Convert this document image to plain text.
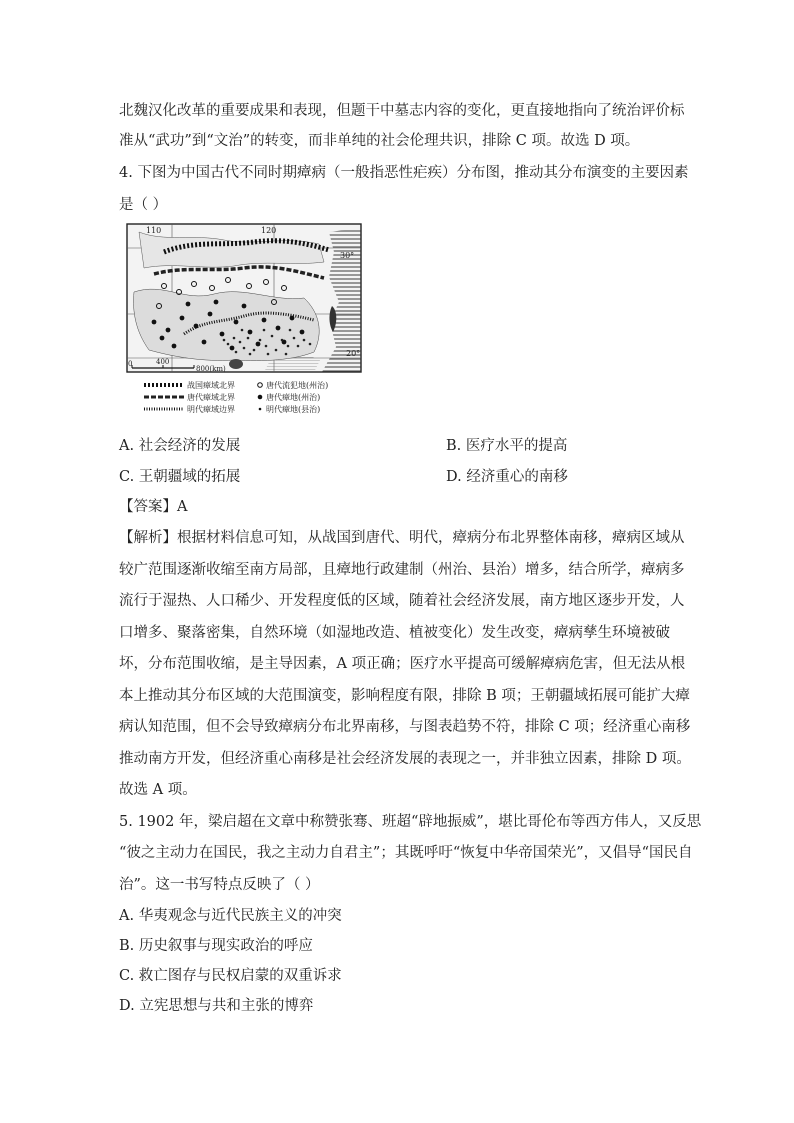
北魏汉化改革的重要成果和表现，但题干中墓志内容的变化，更直接地指向了统治评价标
准从“武功”到“文治”的转变，而非单纯的社会伦理共识，排除 C 项。故选 D 项。
4. 下图为中国古代不同时期瘴病（一般指恶性疟疾）分布图，推动其分布演变的主要因素
是（ ）
110	120
30°
20°
0	400
800(km)
战国瘴域北界
唐代瘴域北界
明代瘴域边界
唐代流犯地(州治)
唐代瘴地(州治)
明代瘴地(县治)
A. 社会经济的发展	B. 医疗水平的提高
C. 王朝疆域的拓展	D. 经济重心的南移
【答案】A
【解析】根据材料信息可知，从战国到唐代、明代，瘴病分布北界整体南移，瘴病区域从
较广范围逐渐收缩至南方局部，且瘴地行政建制（州治、县治）增多，结合所学，瘴病多
流行于湿热、人口稀少、开发程度低的区域，随着社会经济发展，南方地区逐步开发，人
口增多、聚落密集，自然环境（如湿地改造、植被变化）发生改变，瘴病孳生环境被破
坏，分布范围收缩，是主导因素，A 项正确；医疗水平提高可缓解瘴病危害，但无法从根
本上推动其分布区域的大范围演变，影响程度有限，排除 B 项；王朝疆域拓展可能扩大瘴
病认知范围，但不会导致瘴病分布北界南移，与图表趋势不符，排除 C 项；经济重心南移
推动南方开发，但经济重心南移是社会经济发展的表现之一，并非独立因素，排除 D 项。
故选 A 项。
5. 1902 年，梁启超在文章中称赞张骞、班超“辟地振威”，堪比哥伦布等西方伟人，又反思
“彼之主动力在国民，我之主动力自君主”；其既呼吁“恢复中华帝国荣光”，又倡导“国民自
治”。这一书写特点反映了（ ）
A. 华夷观念与近代民族主义的冲突
B. 历史叙事与现实政治的呼应
C. 救亡图存与民权启蒙的双重诉求
D. 立宪思想与共和主张的博弈
